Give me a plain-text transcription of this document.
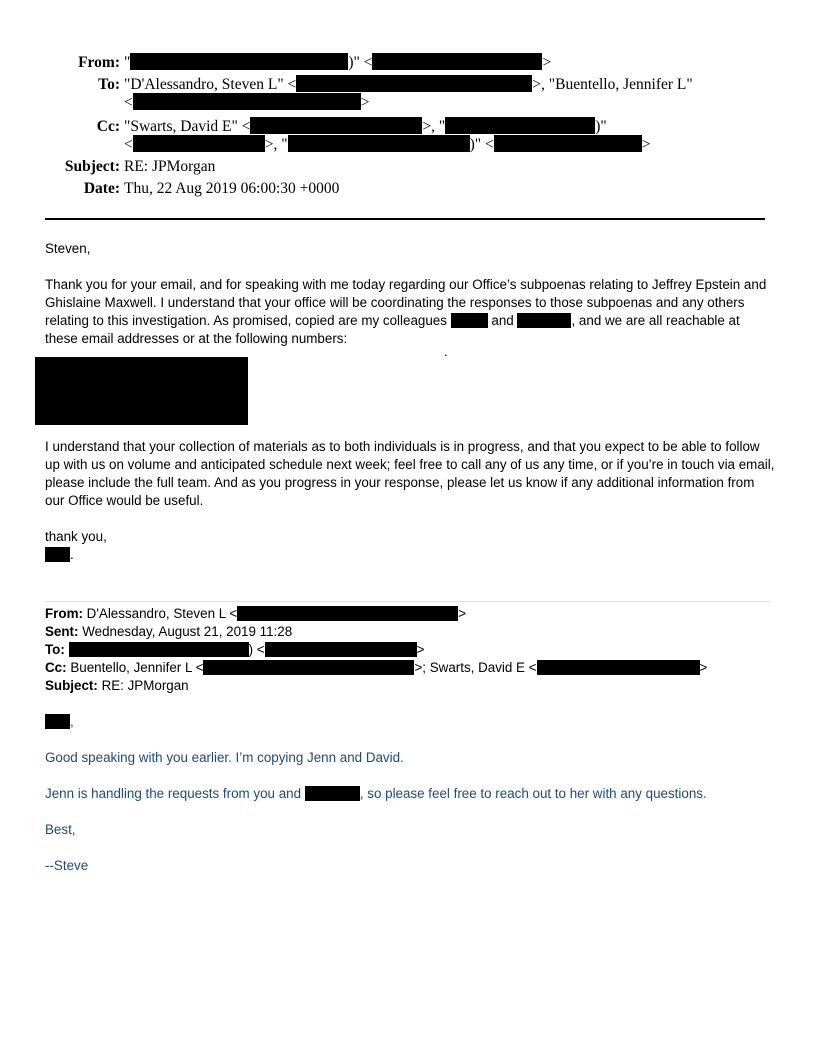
From: "	)" <	>
To: "D'Alessandro, Steven L" <	>, "Buentello, Jennifer L"
<	>
Cc: "Swarts, David E" <	>, "	)"
<	>, "	)" <	>
Subject: RE: JPMorgan
Date: Thu, 22 Aug 2019 06:00:30 +0000
Steven,
Thank you for your email, and for speaking with me today regarding our Office’s subpoenas relating to Jeffrey Epstein and Ghislaine Maxwell. I understand that your office will be coordinating the responses to those subpoenas and any others relating to this investigation. As promised, copied are my colleagues	and	, and we are all reachable at these email addresses or at the following numbers:
.
I understand that your collection of materials as to both individuals is in progress, and that you expect to be able to follow up with us on volume and anticipated schedule next week; feel free to call any of us any time, or if you’re in touch via email, please include the full team. And as you progress in your response, please let us know if any additional information from our Office would be useful.
thank you,
.
From: D'Alessandro, Steven L <	>
Sent: Wednesday, August 21, 2019 11:28
To:	) <	>
Cc: Buentello, Jennifer L <	>; Swarts, David E <	>
Subject: RE: JPMorgan
,
Good speaking with you earlier. I’m copying Jenn and David.
Jenn is handling the requests from you and	, so please feel free to reach out to her with any questions.
Best,
--Steve
